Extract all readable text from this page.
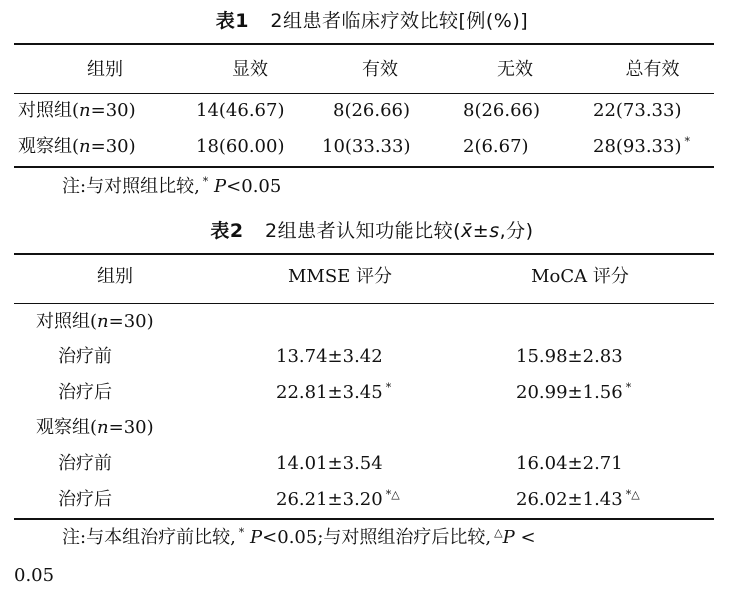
表1 2组患者临床疗效比较[例(%)]
组别	显效	有效	无效	总有效
对照组(n=30)	14(46.67)	8(26.66)	8(26.66)	22(73.33)
观察组(n=30)	18(60.00) 10(33.33)	2(6.67)	28(93.33) *
注:与对照组比较, * P<0.05
表2 2组患者认知功能比较(x̄±s,分)
组别	MMSE 评分	MoCA 评分
对照组(n=30)
治疗前	13.74±3.42	15.98±2.83
治疗后	22.81±3.45 *	20.99±1.56 *
观察组(n=30)
治疗前	14.01±3.54	16.04±2.71
治疗后	26.21±3.20 *△	26.02±1.43 *△
注:与本组治疗前比较, * P<0.05;与对照组治疗后比较, △P <
0.05
